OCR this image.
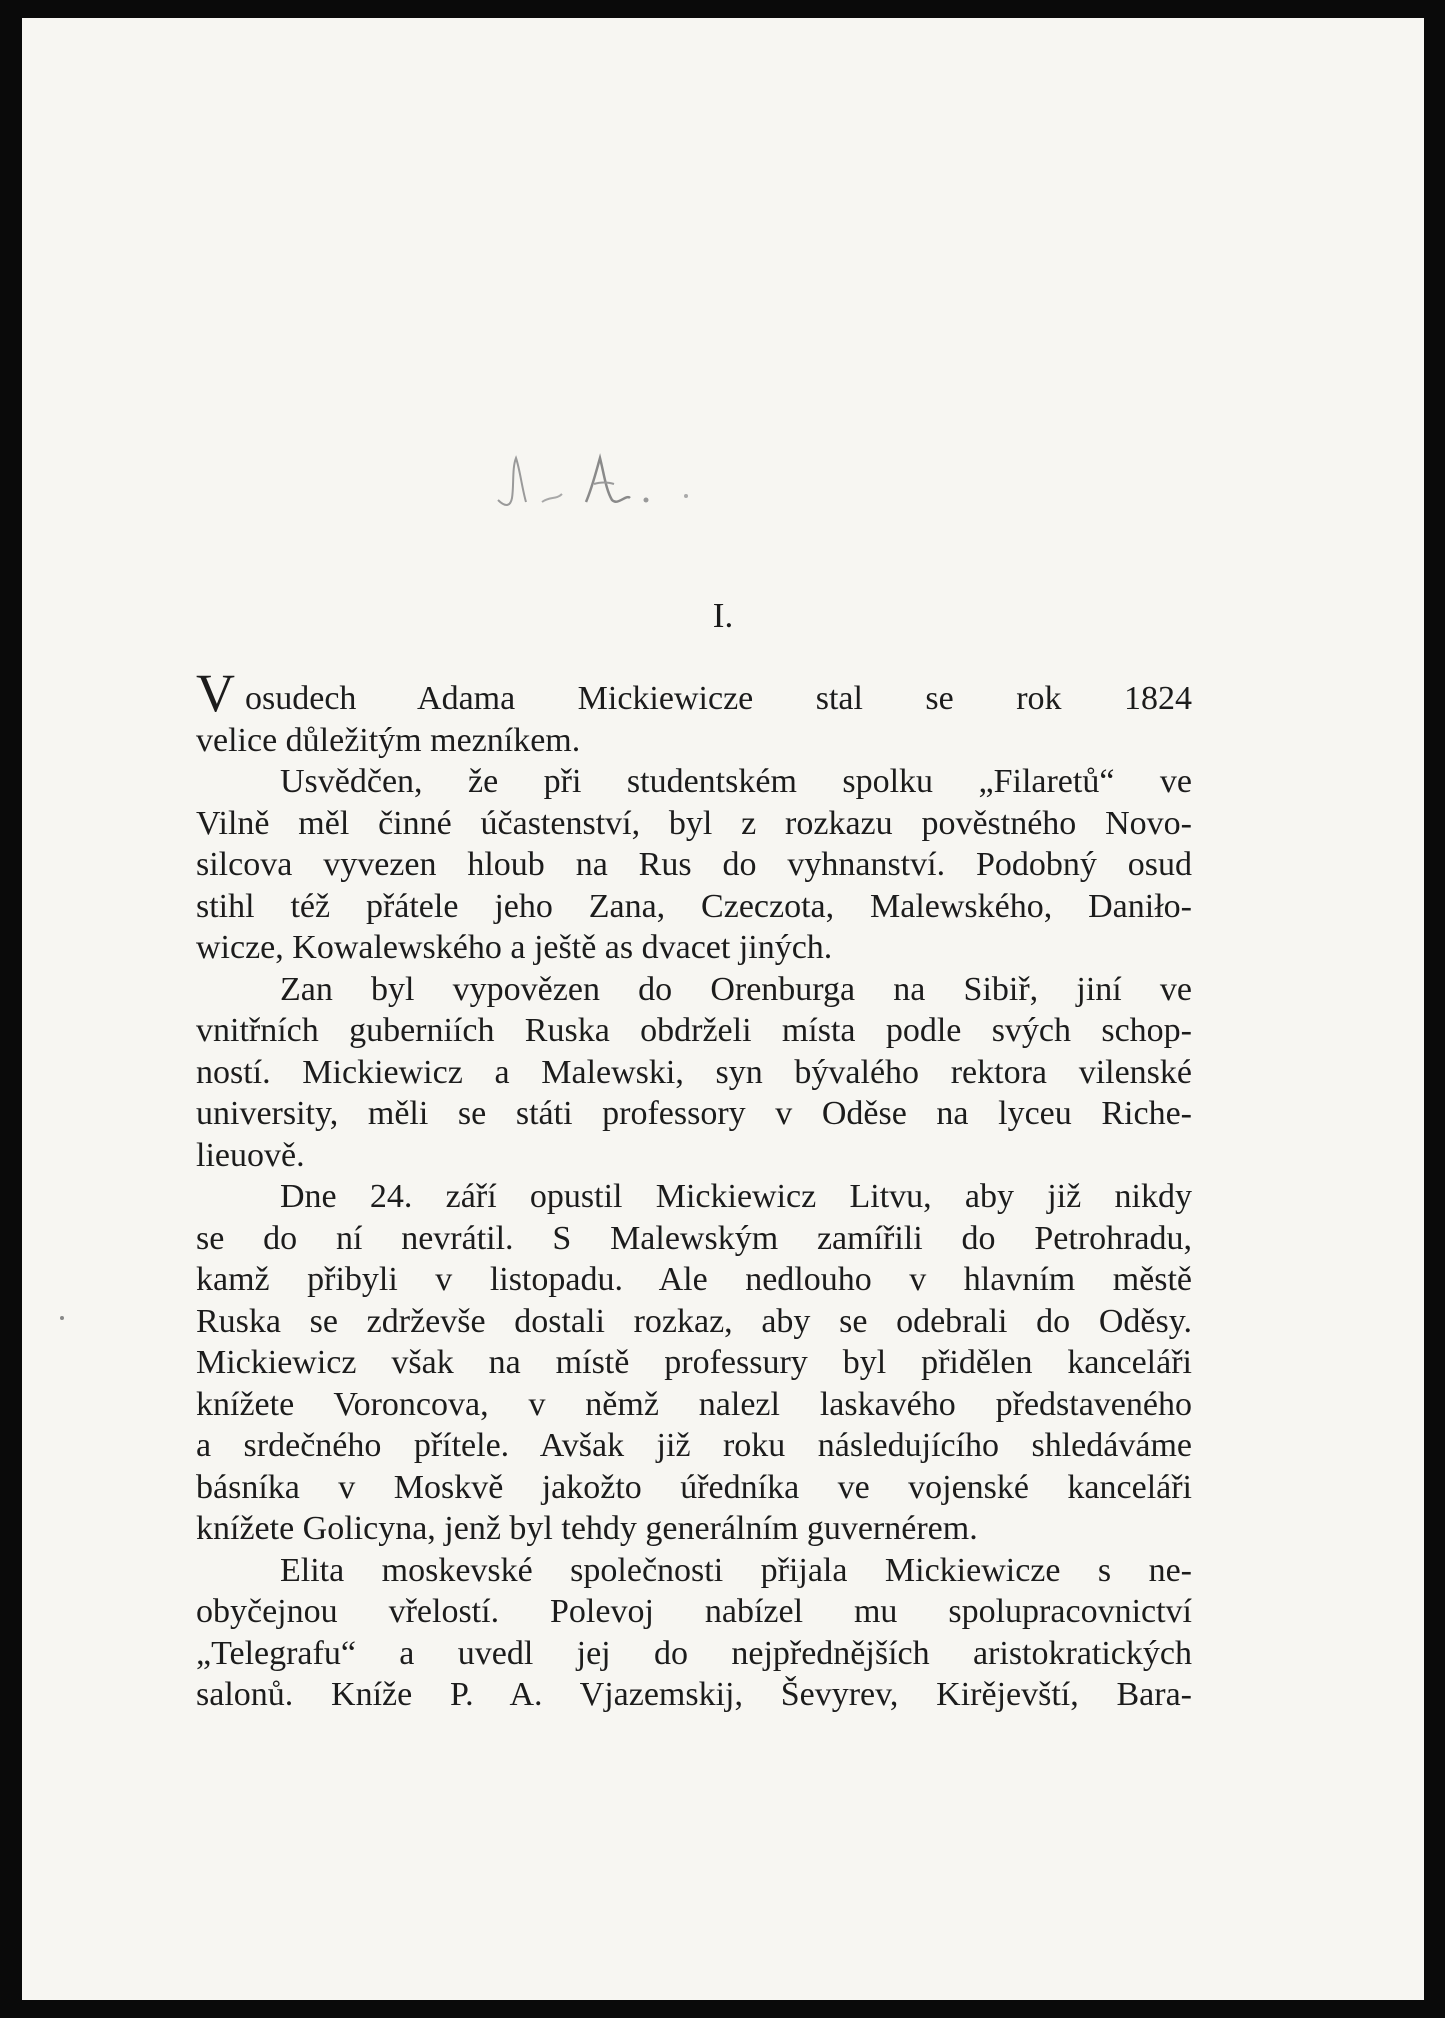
I.
Vosudech Adama Mickiewicze stal se rok 1824
velice důležitým mezníkem.
Usvědčen, že při studentském spolku „Filaretů“ ve
Vilně měl činné účastenství, byl z rozkazu pověstného Novo-
silcova vyvezen hloub na Rus do vyhnanství. Podobný osud
stihl též přátele jeho Zana, Czeczota, Malewského, Daniło-
wicze, Kowalewského a ještě as dvacet jiných.
Zan byl vypovězen do Orenburga na Sibiř, jiní ve
vnitřních guberniích Ruska obdrželi místa podle svých schop-
ností. Mickiewicz a Malewski, syn bývalého rektora vilenské
university, měli se státi professory v Oděse na lyceu Riche-
lieuově.
Dne 24. září opustil Mickiewicz Litvu, aby již nikdy
se do ní nevrátil. S Malewským zamířili do Petrohradu,
kamž přibyli v listopadu. Ale nedlouho v hlavním městě
Ruska se zdrževše dostali rozkaz, aby se odebrali do Oděsy.
Mickiewicz však na místě professury byl přidělen kanceláři
knížete Voroncova, v němž nalezl laskavého představeného
a srdečného přítele. Avšak již roku následujícího shledáváme
básníka v Moskvě jakožto úředníka ve vojenské kanceláři
knížete Golicyna, jenž byl tehdy generálním guvernérem.
Elita moskevské společnosti přijala Mickiewicze s ne-
obyčejnou vřelostí. Polevoj nabízel mu spolupracovnictví
„Telegrafu“ a uvedl jej do nejpřednějších aristokratických
salonů. Kníže P. A. Vjazemskij, Ševyrev, Kirějevští, Bara-
